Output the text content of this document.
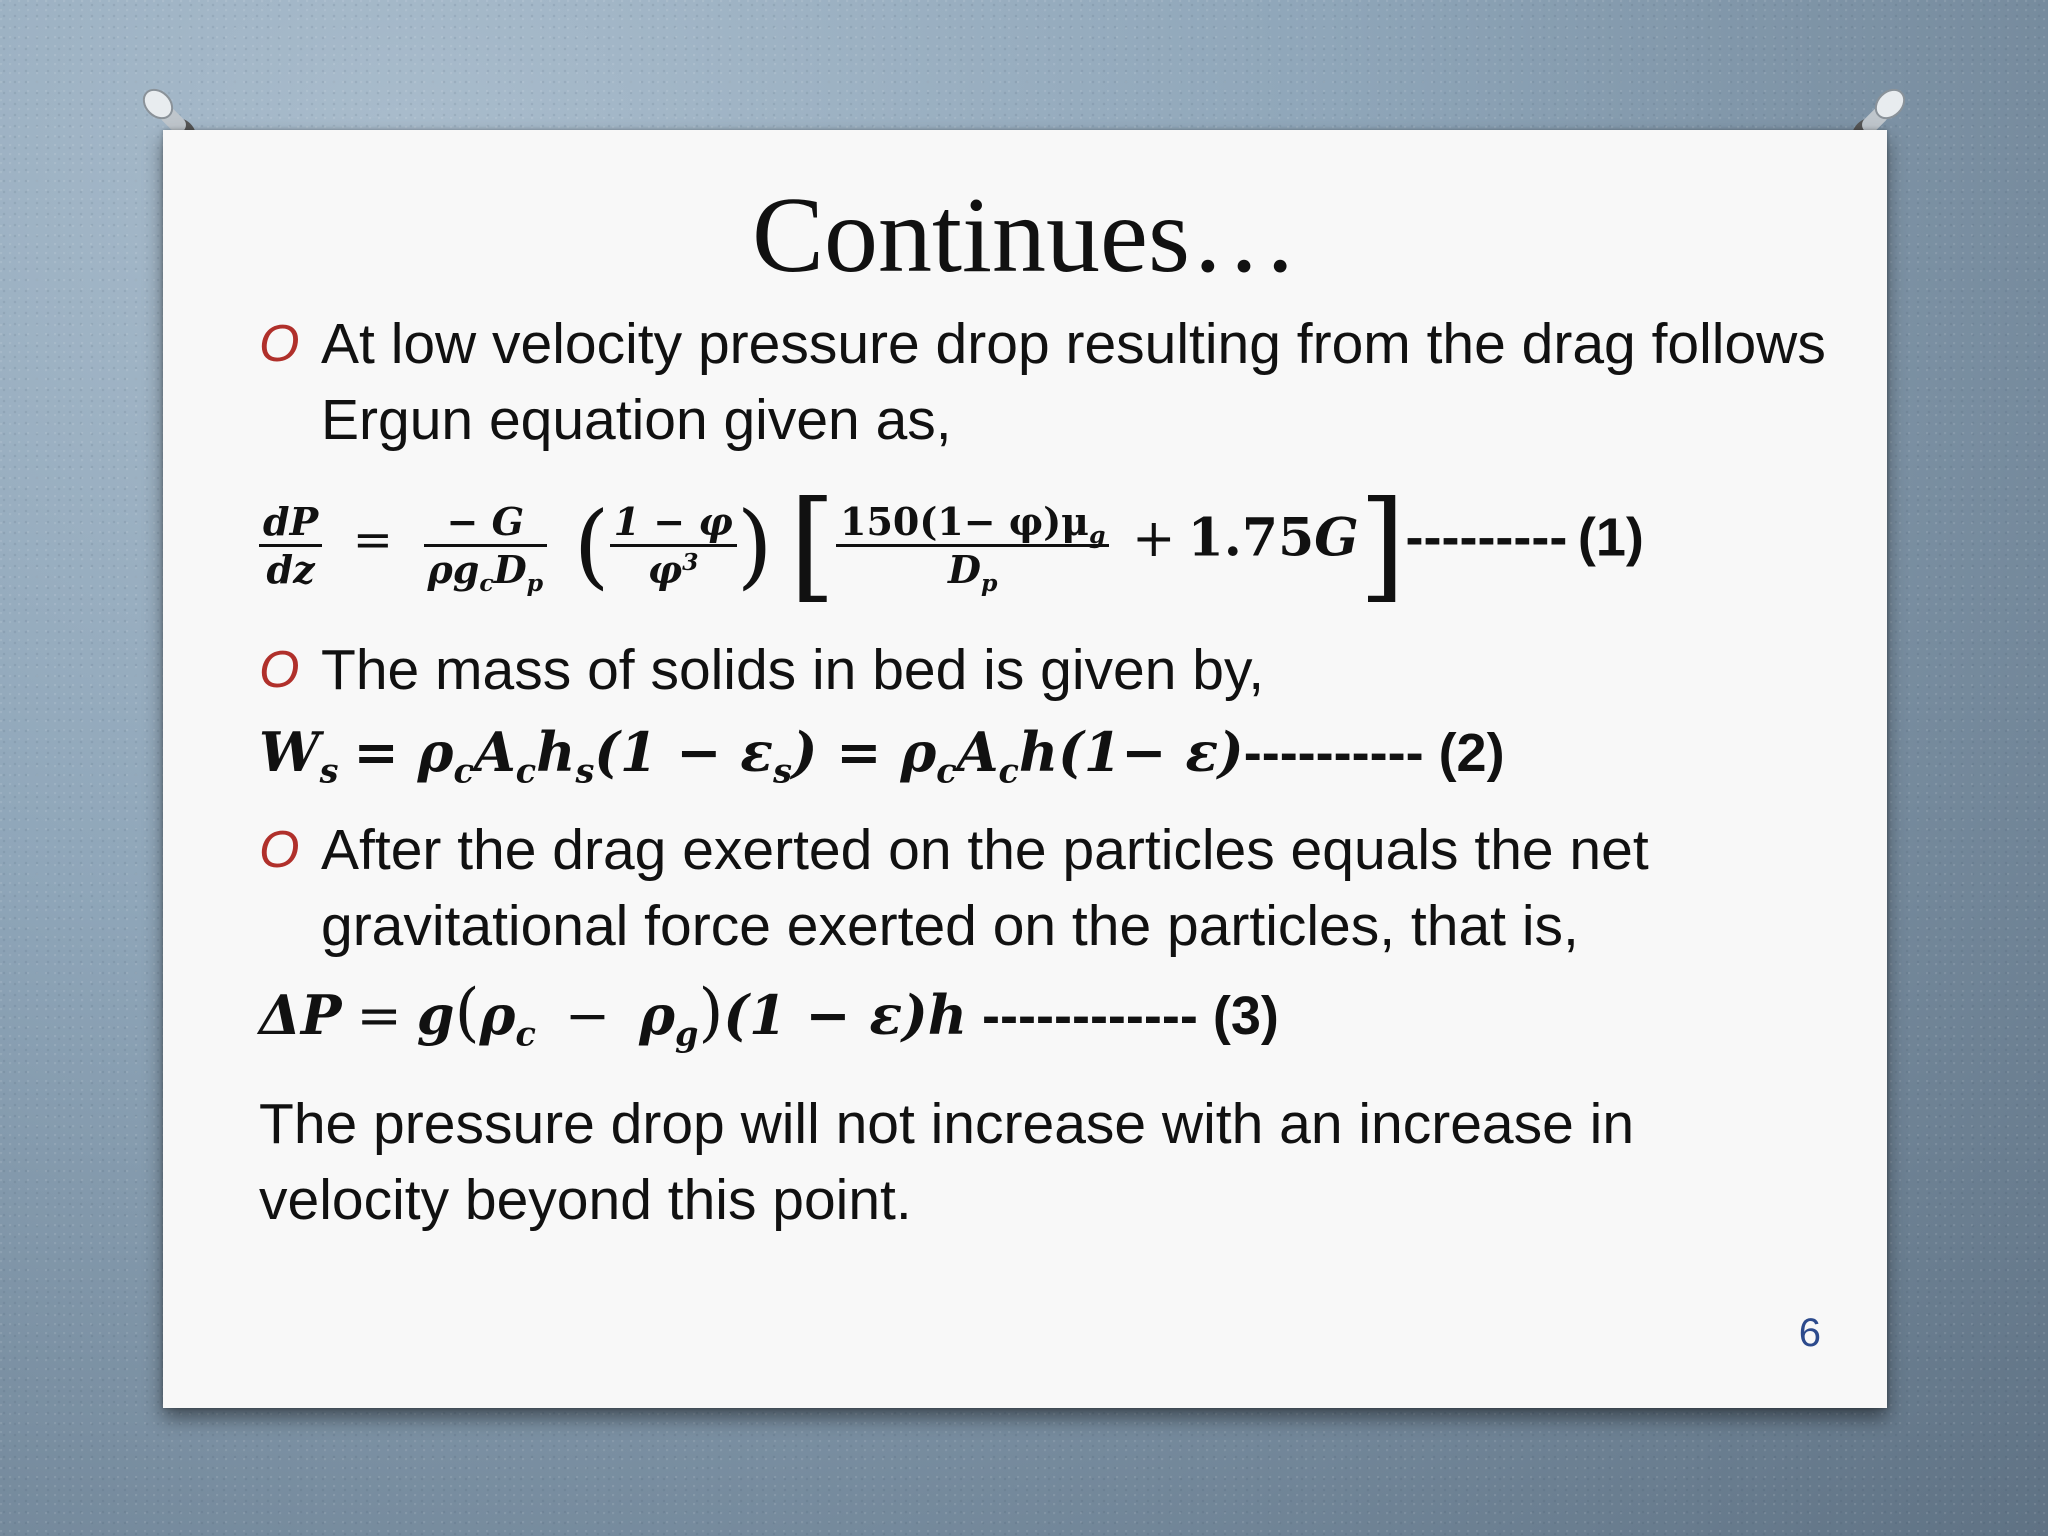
Continues…
O At low velocity pressure drop resulting from the drag follows Ergun equation given as,
$\frac{dP}{dz} = \frac{- G}{\rho g_cD_p}$ ( $\frac{1 - \varphi}{\varphi^3}$ ) [ $\frac{150(1- \varphi)\mu_g}{D_p} + 1.75G]---------$ (1)
O The mass of solids in bed is given by,
$W_s = \rho_cA_ch_s(1 - \varepsilon_s) = \rho_cA_ch(1- \varepsilon)----------$ (2)
O After the drag exerted on the particles equals the net gravitational force exerted on the particles, that is,
$\Delta P = g(\rho_c - \rho_g)(1 - \varepsilon)h$ ------------ (3)
The pressure drop will not increase with an increase in velocity beyond this point.
6
